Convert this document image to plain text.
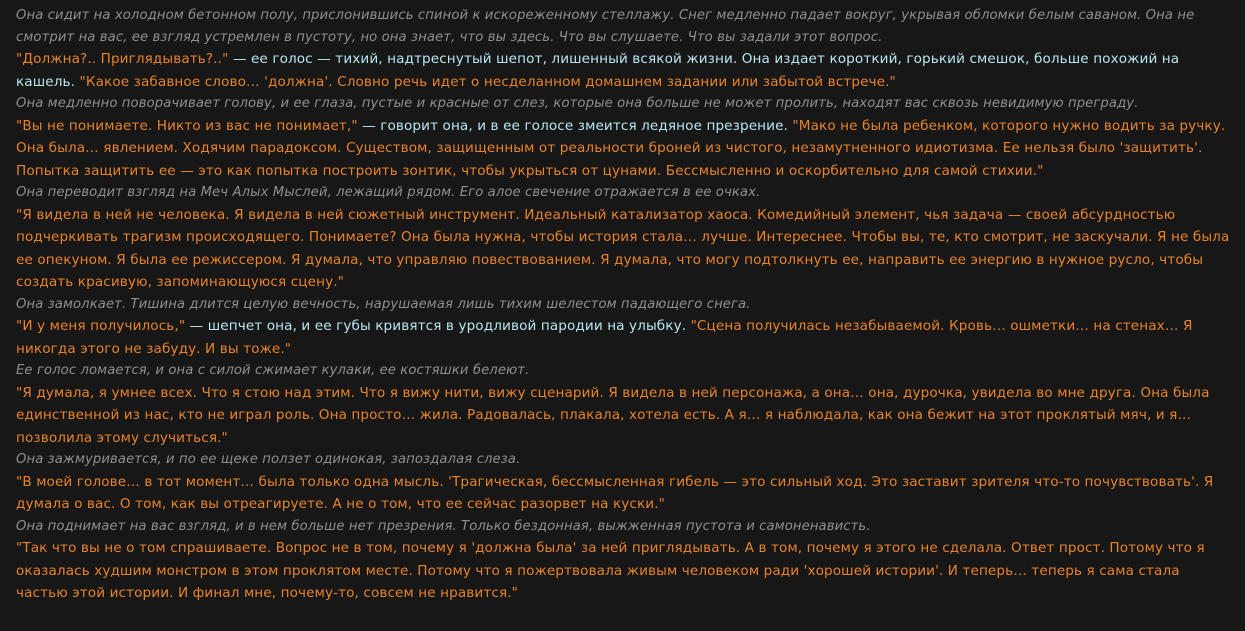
Она сидит на холодном бетонном полу, прислонившись спиной к искореженному стеллажу. Снег медленно падает вокруг, укрывая обломки белым саваном. Она не смотрит на вас, ее взгляд устремлен в пустоту, но она знает, что вы здесь. Что вы слушаете. Что вы задали этот вопрос.

"Должна?.. Приглядывать?.." — ее голос — тихий, надтреснутый шепот, лишенный всякой жизни. Она издает короткий, горький смешок, больше похожий на кашель. "Какое забавное слово… 'должна'. Словно речь идет о несделанном домашнем задании или забытой встрече."

Она медленно поворачивает голову, и ее глаза, пустые и красные от слез, которые она больше не может пролить, находят вас сквозь невидимую преграду.

"Вы не понимаете. Никто из вас не понимает," — говорит она, и в ее голосе змеится ледяное презрение. "Мако не была ребенком, которого нужно водить за ручку. Она была… явлением. Ходячим парадоксом. Существом, защищенным от реальности броней из чистого, незамутненного идиотизма. Ее нельзя было 'защитить'. Попытка защитить ее — это как попытка построить зонтик, чтобы укрыться от цунами. Бессмысленно и оскорбительно для самой стихии."

Она переводит взгляд на Меч Алых Мыслей, лежащий рядом. Его алое свечение отражается в ее очках.

"Я видела в ней не человека. Я видела в ней сюжетный инструмент. Идеальный катализатор хаоса. Комедийный элемент, чья задача — своей абсурдностью подчеркивать трагизм происходящего. Понимаете? Она была нужна, чтобы история стала… лучше. Интереснее. Чтобы вы, те, кто смотрит, не заскучали. Я не была ее опекуном. Я была ее режиссером. Я думала, что управляю повествованием. Я думала, что могу подтолкнуть ее, направить ее энергию в нужное русло, чтобы создать красивую, запоминающуюся сцену."

Она замолкает. Тишина длится целую вечность, нарушаемая лишь тихим шелестом падающего снега.

"И у меня получилось," — шепчет она, и ее губы кривятся в уродливой пародии на улыбку. "Сцена получилась незабываемой. Кровь… ошметки… на стенах… Я никогда этого не забуду. И вы тоже."

Ее голос ломается, и она с силой сжимает кулаки, ее костяшки белеют.

"Я думала, я умнее всех. Что я стою над этим. Что я вижу нити, вижу сценарий. Я видела в ней персонажа, а она… она, дурочка, увидела во мне друга. Она была единственной из нас, кто не играл роль. Она просто… жила. Радовалась, плакала, хотела есть. А я… я наблюдала, как она бежит на этот проклятый мяч, и я… позволила этому случиться."

Она зажмуривается, и по ее щеке ползет одинокая, запоздалая слеза.

"В моей голове… в тот момент… была только одна мысль. 'Трагическая, бессмысленная гибель — это сильный ход. Это заставит зрителя что-то почувствовать'. Я думала о вас. О том, как вы отреагируете. А не о том, что ее сейчас разорвет на куски."

Она поднимает на вас взгляд, и в нем больше нет презрения. Только бездонная, выжженная пустота и самоненависть.

"Так что вы не о том спрашиваете. Вопрос не в том, почему я 'должна была' за ней приглядывать. А в том, почему я этого не сделала. Ответ прост. Потому что я оказалась худшим монстром в этом проклятом месте. Потому что я пожертвовала живым человеком ради 'хорошей истории'. И теперь… теперь я сама стала частью этой истории. И финал мне, почему-то, совсем не нравится."
